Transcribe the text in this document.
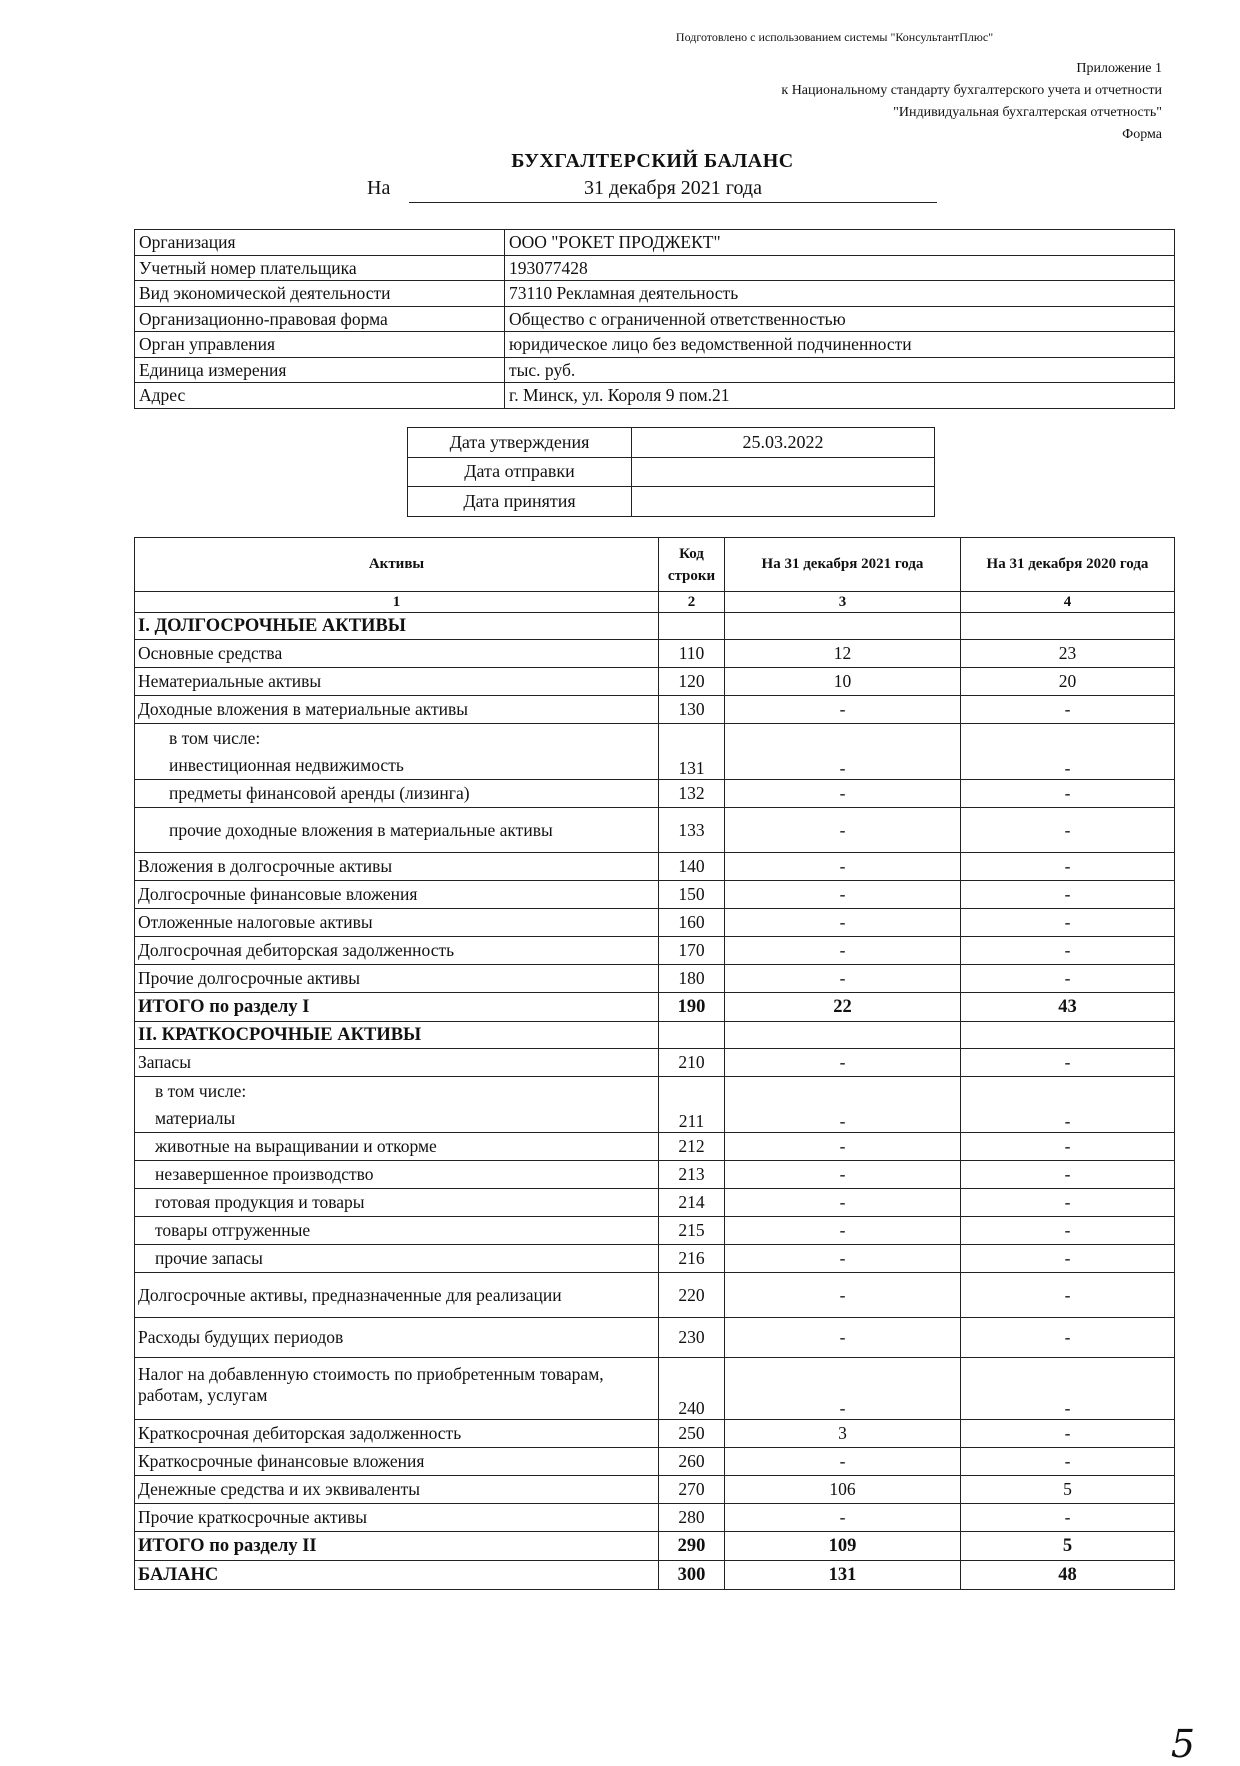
Подготовлено с использованием системы "КонсультантПлюс"
Приложение 1
к Национальному стандарту бухгалтерского учета и отчетности
"Индивидуальная бухгалтерская отчетность"
Форма
БУХГАЛТЕРСКИЙ БАЛАНС
На	31 декабря 2021 года
Организация	ООО "РОКЕТ ПРОДЖЕКТ"
Учетный номер плательщика	193077428
Вид экономической деятельности	73110 Рекламная деятельность
Организационно-правовая форма	Общество с ограниченной ответственностью
Орган управления	юридическое лицо без ведомственной подчиненности
Единица измерения	тыс. руб.
Адрес	г. Минск, ул. Короля 9 пом.21
Дата утверждения	25.03.2022
Дата отправки	
Дата принятия	
Активы	Код строки	На 31 декабря 2021 года	На 31 декабря 2020 года
1	2	3	4
I. ДОЛГОСРОЧНЫЕ АКТИВЫ			
Основные средства	110	12	23
Нематериальные активы	120	10	20
Доходные вложения в материальные активы	130	-	-

в том числе:
инвестиционная недвижимость	131	-	-
предметы финансовой аренды (лизинга)	132	-	-
прочие доходные вложения в материальные активы	133	-	-
Вложения в долгосрочные активы	140	-	-
Долгосрочные финансовые вложения	150	-	-
Отложенные налоговые активы	160	-	-
Долгосрочная дебиторская задолженность	170	-	-
Прочие долгосрочные активы	180	-	-
ИТОГО по разделу I	190	22	43
II. КРАТКОСРОЧНЫЕ АКТИВЫ			
Запасы	210	-	-

в том числе:
материалы	211	-	-
животные на выращивании и откорме	212	-	-
незавершенное производство	213	-	-
готовая продукция и товары	214	-	-
товары отгруженные	215	-	-
прочие запасы	216	-	-
Долгосрочные активы, предназначенные для реализации	220	-	-
Расходы будущих периодов	230	-	-
Налог на добавленную стоимость по приобретенным товарам, работам, услугам	240	-	-
Краткосрочная дебиторская задолженность	250	3	-
Краткосрочные финансовые вложения	260	-	-
Денежные средства и их эквиваленты	270	106	5
Прочие краткосрочные активы	280	-	-
ИТОГО по разделу II	290	109	5
БАЛАНС	300	131	48
5
